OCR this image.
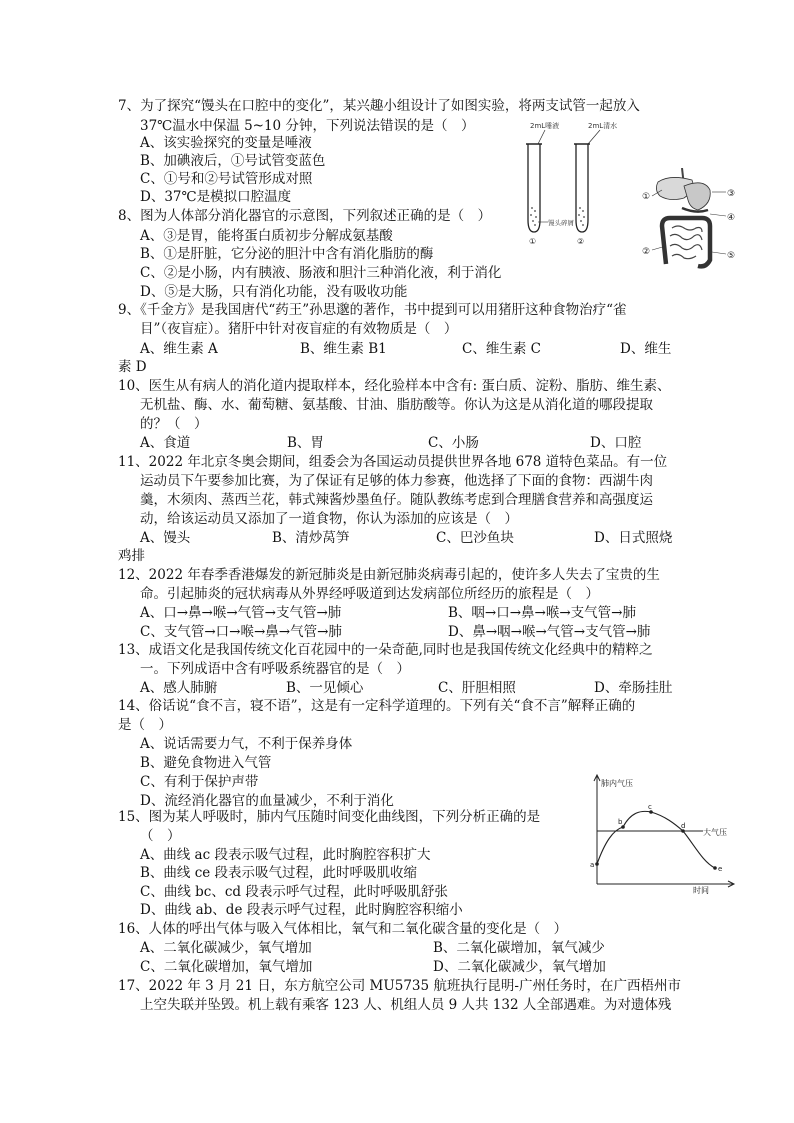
7、为了探究“馒头在口腔中的变化”，某兴趣小组设计了如图实验，将两支试管一起放入
37℃温水中保温 5~10 分钟，下列说法错误的是（　）
A、该实验探究的变量是唾液
B、加碘液后，①号试管变蓝色
C、①号和②号试管形成对照
D、37℃是模拟口腔温度
2mL唾液	2mL清水
馒头碎屑
①	②
①
②
③
④
⑤
8、图为人体部分消化器官的示意图，下列叙述正确的是（　）
A、③是胃，能将蛋白质初步分解成氨基酸
B、①是肝脏，它分泌的胆汁中含有消化脂肪的酶
C、②是小肠，内有胰液、肠液和胆汁三种消化液，利于消化
D、⑤是大肠，只有消化功能，没有吸收功能
9、《千金方》是我国唐代“药王”孙思邈的著作，书中提到可以用猪肝这种食物治疗“雀
目”（夜盲症）。猪肝中针对夜盲症的有效物质是（　）
A、维生素 A	B、维生素 B1	C、维生素 C	D、维生
素 D
10、医生从有病人的消化道内提取样本，经化验样本中含有: 蛋白质、淀粉、脂肪、维生素、
无机盐、酶、水、葡萄糖、氨基酸、甘油、脂肪酸等。你认为这是从消化道的哪段提取
的？（　）
A、食道	B、胃	C、小肠	D、口腔
11、2022 年北京冬奥会期间，组委会为各国运动员提供世界各地 678 道特色菜品。有一位
运动员下午要参加比赛，为了保证有足够的体力参赛，他选择了下面的食物：西湖牛肉
羹，木须肉、蒸西兰花，韩式辣酱炒墨鱼仔。随队教练考虑到合理膳食营养和高强度运
动，给该运动员又添加了一道食物，你认为添加的应该是（　）
A、馒头	B、清炒莴笋	C、巴沙鱼块	D、日式照烧
鸡排
12、2022 年春季香港爆发的新冠肺炎是由新冠肺炎病毒引起的，使许多人失去了宝贵的生
命。引起肺炎的冠状病毒从外界经呼吸道到达发病部位所经历的旅程是（　）
A、口→鼻→喉→气管→支气管→肺	B、咽→口→鼻→喉→支气管→肺
C、支气管→口→喉→鼻→气管→肺	D、鼻→咽→喉→气管→支气管→肺
13、成语文化是我国传统文化百花园中的一朵奇葩,同时也是我国传统文化经典中的精粹之
一。下列成语中含有呼吸系统器官的是（　）
A、感人肺腑	B、一见倾心	C、肝胆相照	D、牵肠挂肚
14、俗话说“食不言，寝不语”，这是有一定科学道理的。下列有关“食不言”解释正确的
是（　）
A、说话需要力气，不利于保养身体
B、避免食物进入气管
C、有利于保护声带
D、流经消化器官的血量减少，不利于消化
肺内气压
时间
大气压
a
b
c
d
e
15、图为某人呼吸时，肺内气压随时间变化曲线图，下列分析正确的是
（　）
A、曲线 ac 段表示吸气过程，此时胸腔容积扩大
B、曲线 ce 段表示吸气过程，此时呼吸肌收缩
C、曲线 bc、cd 段表示呼气过程，此时呼吸肌舒张
D、曲线 ab、de 段表示呼气过程，此时胸腔容积缩小
16、人体的呼出气体与吸入气体相比，氧气和二氧化碳含量的变化是（　）
A、二氧化碳减少，氧气增加	B、二氧化碳增加，氧气减少
C、二氧化碳增加，氧气增加	D、二氧化碳减少，氧气增加
17、2022 年 3 月 21 日，东方航空公司 MU5735 航班执行昆明-广州任务时，在广西梧州市
上空失联并坠毁。机上载有乘客 123 人、机组人员 9 人共 132 人全部遇难。为对遗体残
